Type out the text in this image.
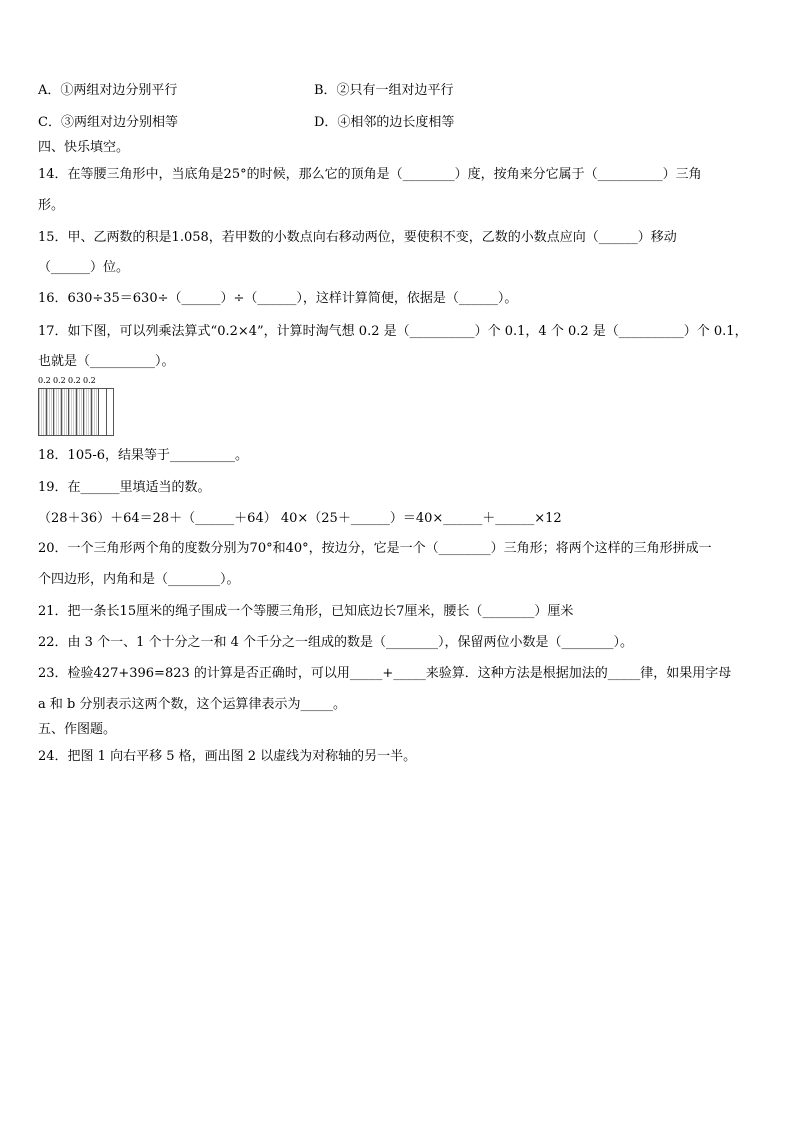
A．①两组对边分别平行	B．②只有一组对边平行
C．③两组对边分别相等	D．④相邻的边长度相等
四、快乐填空。
14．在等腰三角形中，当底角是25°的时候，那么它的顶角是（________）度，按角来分它属于（__________）三角
形。
15．甲、乙两数的积是1.058，若甲数的小数点向右移动两位，要使积不变，乙数的小数点应向（______）移动
（______）位。
16．630÷35＝630÷（______）÷（______），这样计算简便，依据是（______）。
17．如下图，可以列乘法算式“0.2×4”，计算时淘气想 0.2 是（__________）个 0.1，4 个 0.2 是（__________）个 0.1，
也就是（__________）。
0.2 0.2 0.2 0.2
18．105-6，结果等于__________。
19．在______里填适当的数。
（28＋36）＋64＝28＋（______＋64） 40×（25＋______）＝40×______＋______×12
20．一个三角形两个角的度数分别为70°和40°，按边分，它是一个（________）三角形；将两个这样的三角形拼成一
个四边形，内角和是（________）。
21．把一条长15厘米的绳子围成一个等腰三角形，已知底边长7厘米，腰长（________）厘米
22．由 3 个一、1 个十分之一和 4 个千分之一组成的数是（________），保留两位小数是（________）。
23．检验427+396=823 的计算是否正确时，可以用_____+_____来验算．这种方法是根据加法的_____律，如果用字母
a 和 b 分别表示这两个数，这个运算律表示为_____。
五、作图题。
24．把图 1 向右平移 5 格，画出图 2 以虚线为对称轴的另一半。
